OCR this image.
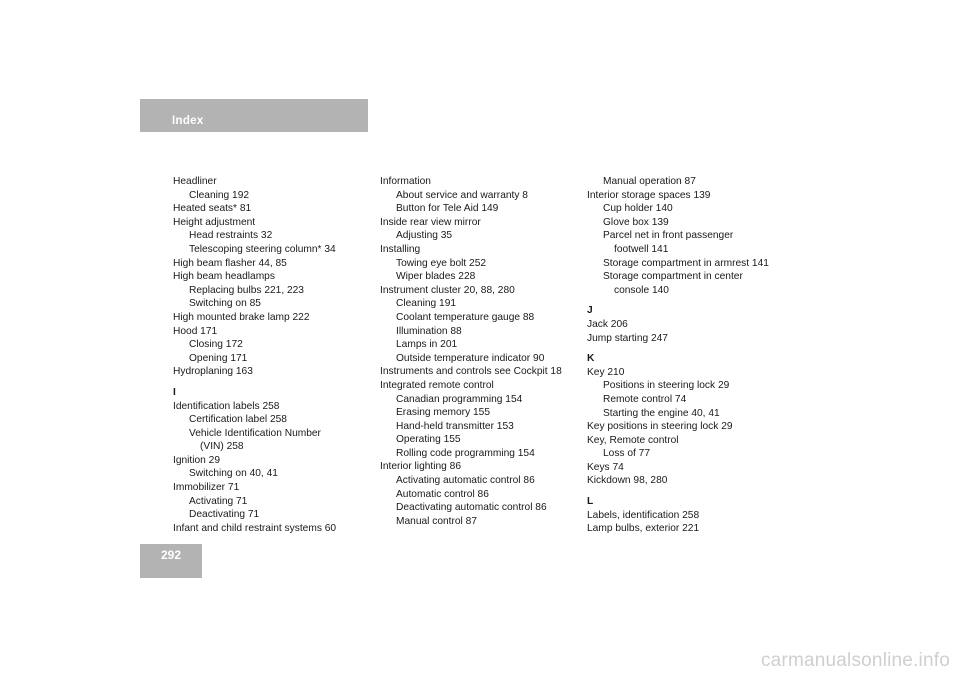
Index
Headliner
Cleaning 192
Heated seats* 81
Height adjustment
Head restraints 32
Telescoping steering column* 34
High beam flasher 44, 85
High beam headlamps
Replacing bulbs 221, 223
Switching on 85
High mounted brake lamp 222
Hood 171
Closing 172
Opening 171
Hydroplaning 163
I
Identification labels 258
Certification label 258
Vehicle Identification Number
(VIN) 258
Ignition 29
Switching on 40, 41
Immobilizer 71
Activating 71
Deactivating 71
Infant and child restraint systems 60
Information
About service and warranty 8
Button for Tele Aid 149
Inside rear view mirror
Adjusting 35
Installing
Towing eye bolt 252
Wiper blades 228
Instrument cluster 20, 88, 280
Cleaning 191
Coolant temperature gauge 88
Illumination 88
Lamps in 201
Outside temperature indicator 90
Instruments and controls see Cockpit 18
Integrated remote control
Canadian programming 154
Erasing memory 155
Hand-held transmitter 153
Operating 155
Rolling code programming 154
Interior lighting 86
Activating automatic control 86
Automatic control 86
Deactivating automatic control 86
Manual control 87
Manual operation 87
Interior storage spaces 139
Cup holder 140
Glove box 139
Parcel net in front passenger
footwell 141
Storage compartment in armrest 141
Storage compartment in center
console 140
J
Jack 206
Jump starting 247
K
Key 210
Positions in steering lock 29
Remote control 74
Starting the engine 40, 41
Key positions in steering lock 29
Key, Remote control
Loss of 77
Keys 74
Kickdown 98, 280
L
Labels, identification 258
Lamp bulbs, exterior 221
292
carmanualsonline.info
